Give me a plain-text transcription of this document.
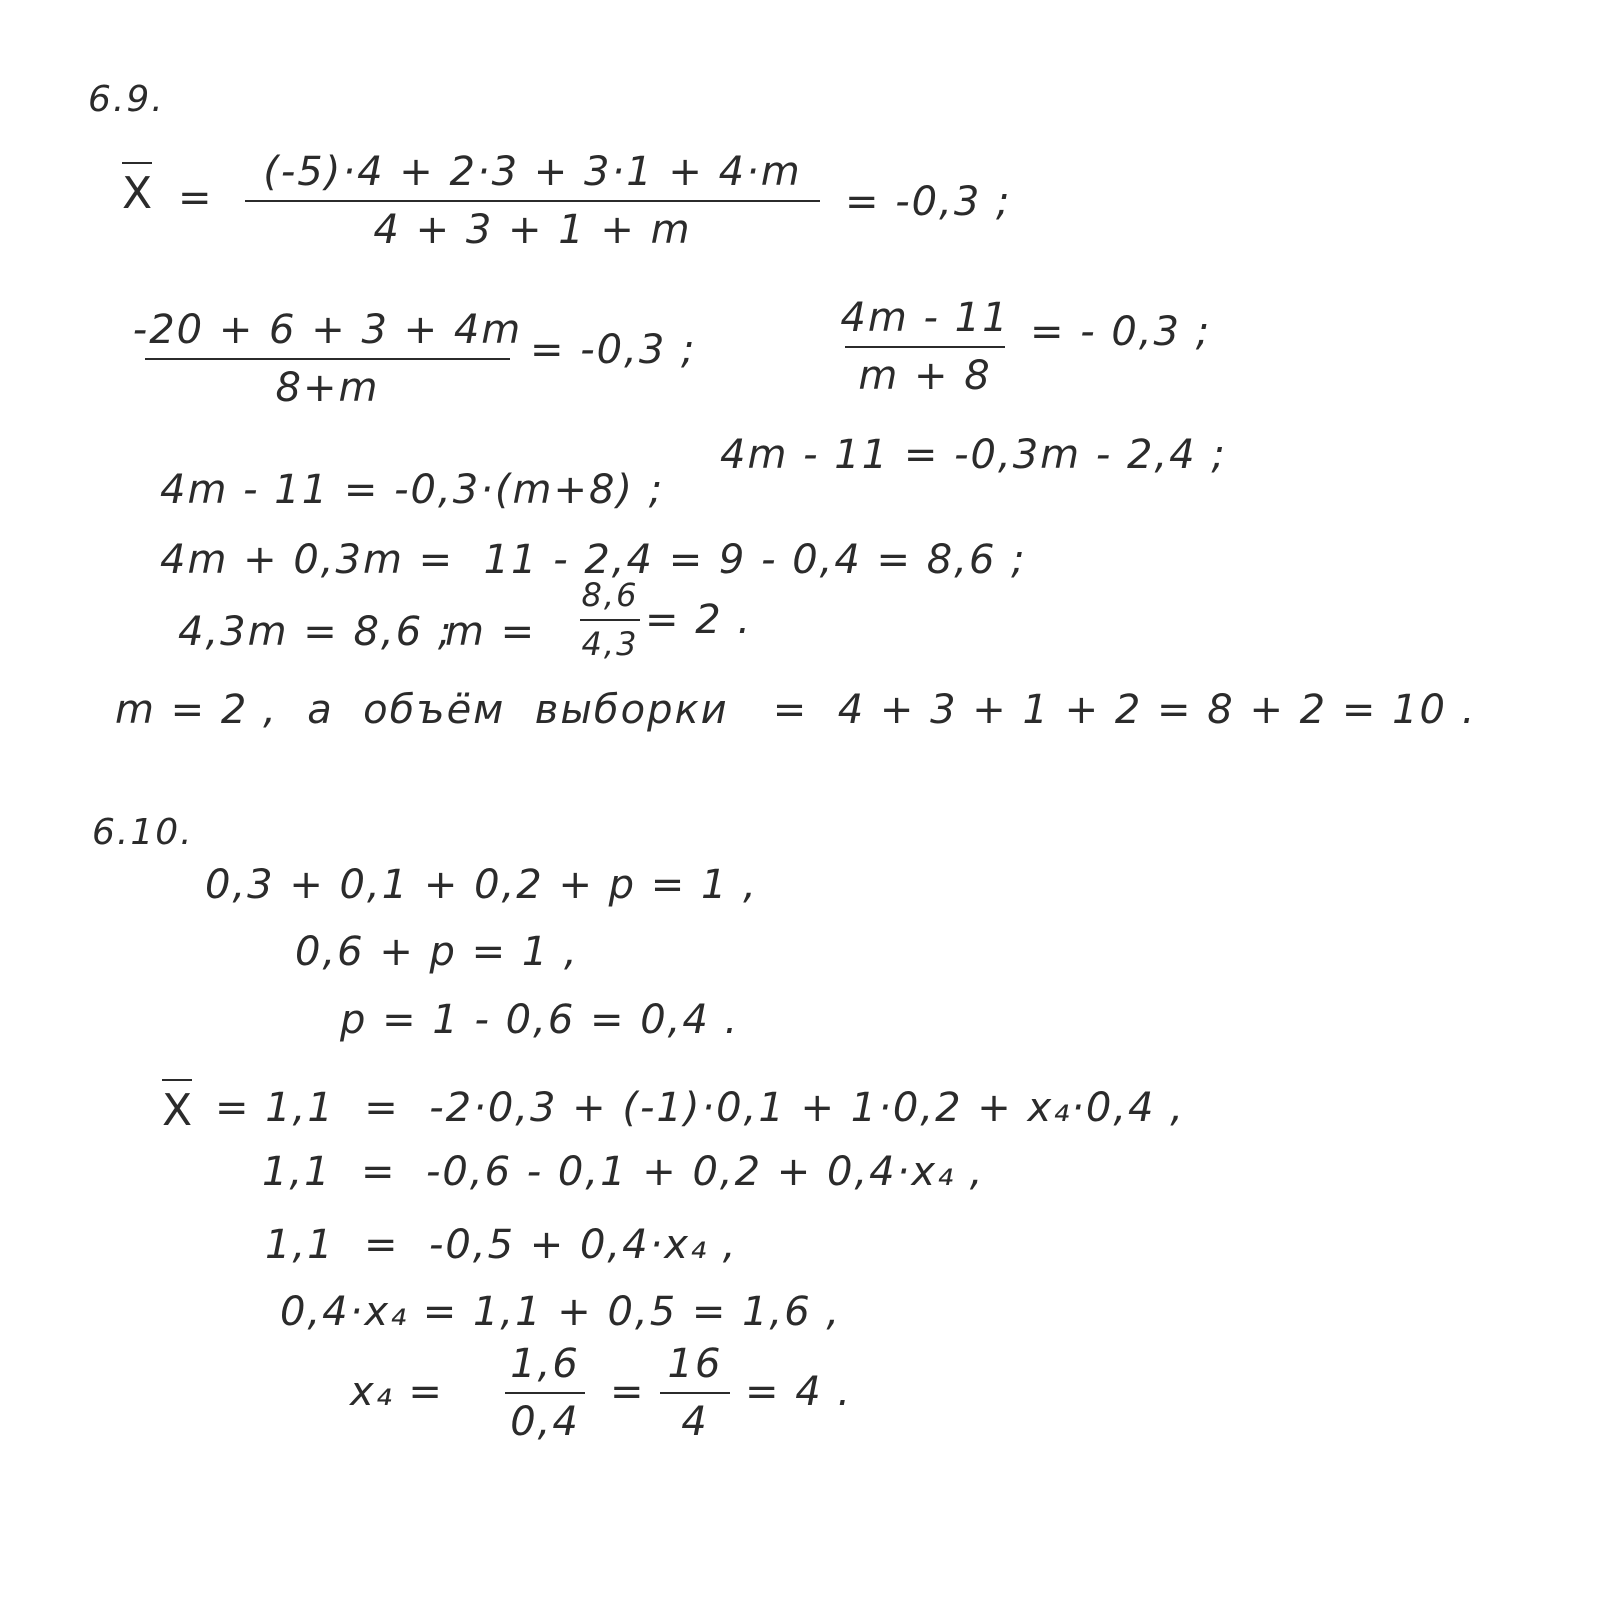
6.9.
X =
(-5)·4 + 2·3 + 3·1 + 4·m
4 + 3 + 1 + m
= -0,3 ;
-20 + 6 + 3 + 4m
8+m
= -0,3 ;
4m - 11
m + 8
= - 0,3 ;
4m - 11 = -0,3·(m+8) ;
4m - 11 = -0,3m - 2,4 ;
4m + 0,3m =  11 - 2,4 = 9 - 0,4 = 8,6 ;
4,3m = 8,6 ;
m =
8,6
4,3
= 2 .
m = 2 ,  a  объём  выборки   =  4 + 3 + 1 + 2 = 8 + 2 = 10 .
6.10.
0,3 + 0,1 + 0,2 + p = 1 ,
0,6 + p = 1 ,
p = 1 - 0,6 = 0,4 .
X = 1,1  =  -2·0,3 + (-1)·0,1 + 1·0,2 + x₄·0,4 ,
1,1  =  -0,6 - 0,1 + 0,2 + 0,4·x₄ ,
1,1  =  -0,5 + 0,4·x₄ ,
0,4·x₄ = 1,1 + 0,5 = 1,6 ,
x₄ =
1,6
0,4
=
16
4
= 4 .
